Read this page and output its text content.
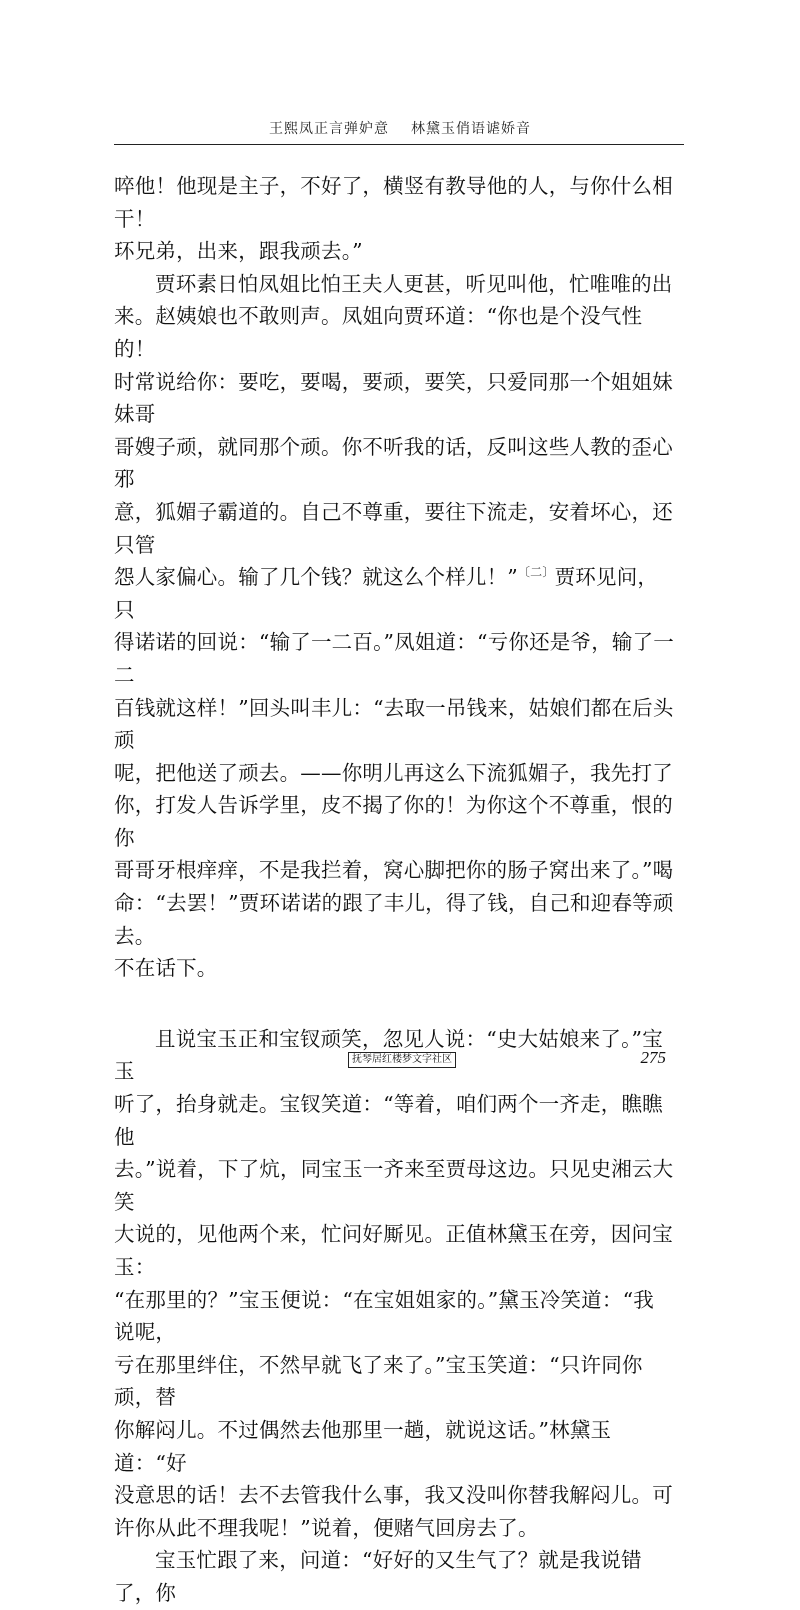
王熙凤正言弹妒意 林黛玉俏语谑娇音

啐他！他现是主子，不好了，横竖有教导他的人，与你什么相干！
环兄弟，出来，跟我顽去。”

贾环素日怕凤姐比怕王夫人更甚，听见叫他，忙唯唯的出
来。赵姨娘也不敢则声。凤姐向贾环道：“你也是个没气性的！
时常说给你：要吃，要喝，要顽，要笑，只爱同那一个姐姐妹妹哥
哥嫂子顽，就同那个顽。你不听我的话，反叫这些人教的歪心邪
意，狐媚子霸道的。自己不尊重，要往下流走，安着坏心，还只管
怨人家偏心。输了几个钱？就这么个样儿！”$^{〔二〕}$贾环见问，只
得诺诺的回说：“输了一二百。”凤姐道：“亏你还是爷，输了一二
百钱就这样！”回头叫丰儿：“去取一吊钱来，姑娘们都在后头顽
呢，把他送了顽去。——你明儿再这么下流狐媚子，我先打了
你，打发人告诉学里，皮不揭了你的！为你这个不尊重，恨的你
哥哥牙根痒痒，不是我拦着，窝心脚把你的肠子窝出来了。”喝
命：“去罢！”贾环诺诺的跟了丰儿，得了钱，自己和迎春等顽去。
不在话下。

且说宝玉正和宝钗顽笑，忽见人说：“史大姑娘来了。”宝玉
听了，抬身就走。宝钗笑道：“等着，咱们两个一齐走，瞧瞧他
去。”说着，下了炕，同宝玉一齐来至贾母这边。只见史湘云大笑
大说的，见他两个来，忙问好厮见。正值林黛玉在旁，因问宝玉：
“在那里的？”宝玉便说：“在宝姐姐家的。”黛玉冷笑道：“我说呢，
亏在那里绊住，不然早就飞了来了。”宝玉笑道：“只许同你顽，替
你解闷儿。不过偶然去他那里一趟，就说这话。”林黛玉道：“好
没意思的话！去不去管我什么事，我又没叫你替我解闷儿。可
许你从此不理我呢！”说着，便赌气回房去了。

宝玉忙跟了来，问道：“好好的又生气了？就是我说错了，你

抚琴居红楼梦文字社区	275
